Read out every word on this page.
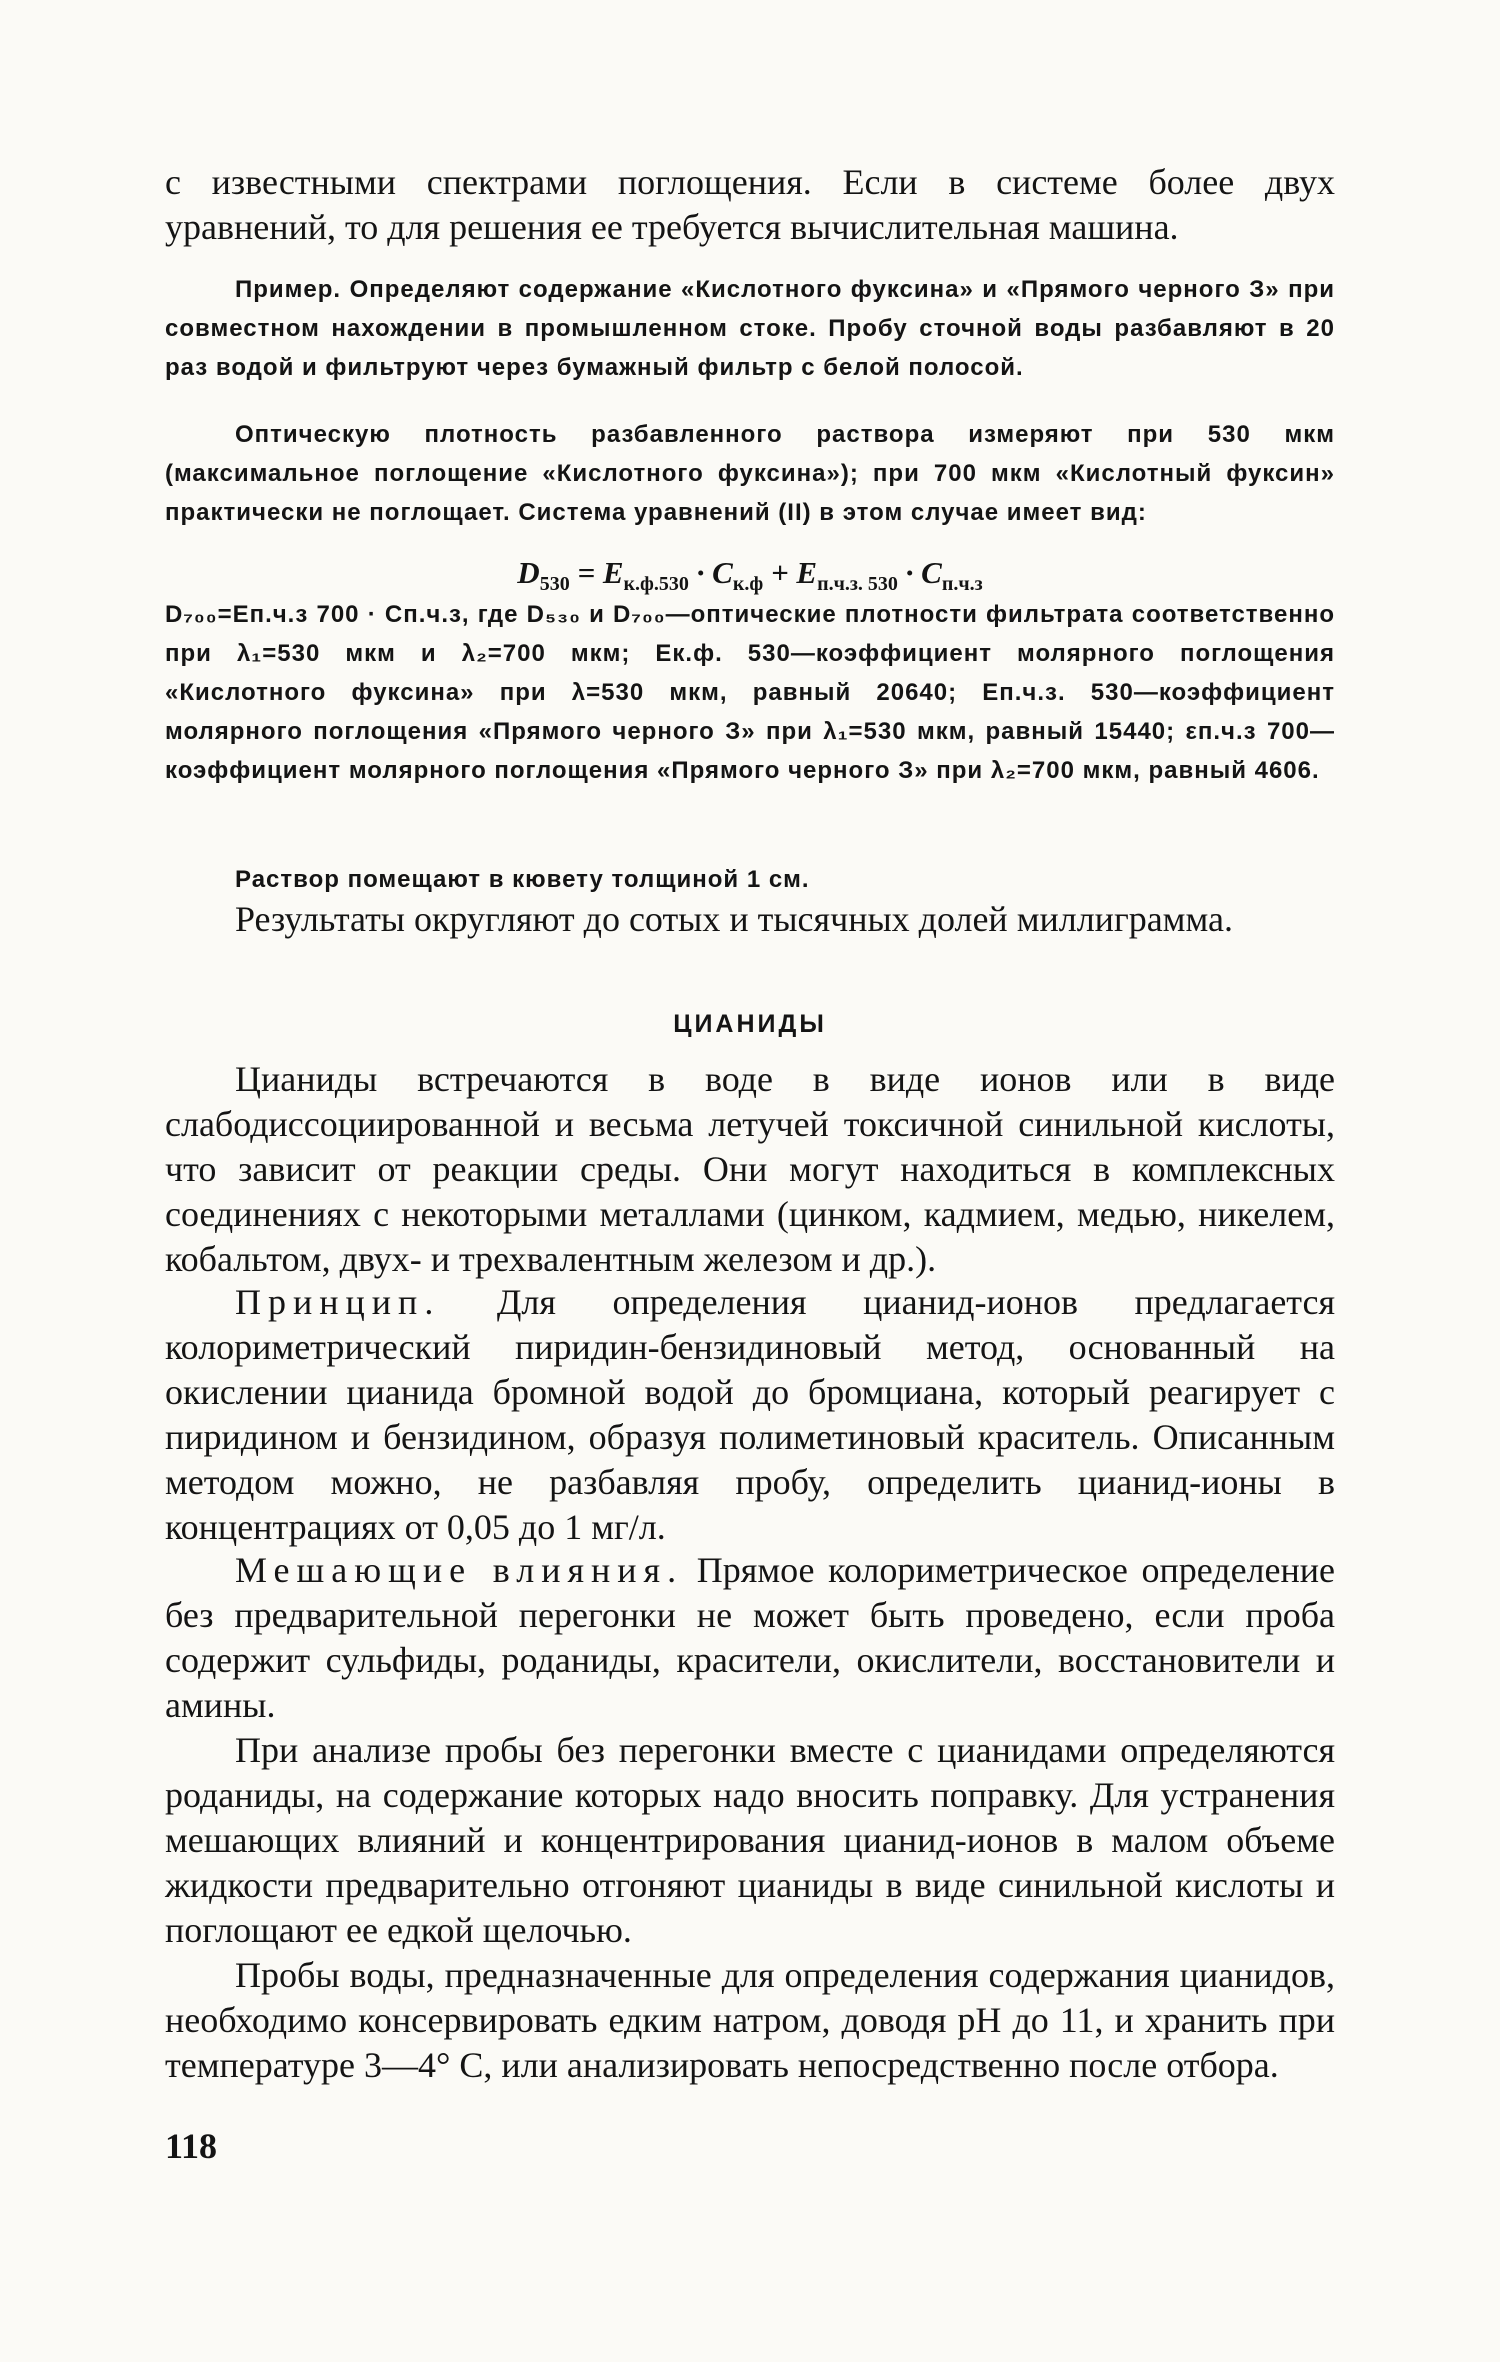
с известными спектрами поглощения. Если в системе более двух уравнений, то для решения ее требуется вычислительная машина.

Пример. Определяют содержание «Кислотного фуксина» и «Прямого черного З» при совместном нахождении в промышленном стоке. Пробу сточной воды разбавляют в 20 раз водой и фильтруют через бумажный фильтр с белой полосой.

Оптическую плотность разбавленного раствора измеряют при 530 мкм (максимальное поглощение «Кислотного фуксина»); при 700 мкм «Кислотный фуксин» практически не поглощает. Система уравнений (II) в этом случае имеет вид:

$D_{530} = E_{к.ф.530} \cdot C_{к.ф} + E_{п.ч.з. 530} \cdot C_{п.ч.з}$

D₇₀₀=Eп.ч.з 700 · Cп.ч.з, где D₅₃₀ и D₇₀₀—оптические плотности фильтрата соответственно при λ₁=530 мкм и λ₂=700 мкм; Eк.ф. 530—коэффициент молярного поглощения «Кислотного фуксина» при λ=530 мкм, равный 20640; Eп.ч.з. 530—коэффициент молярного поглощения «Прямого черного З» при λ₁=530 мкм, равный 15440; εп.ч.з 700—коэффициент молярного поглощения «Прямого черного З» при λ₂=700 мкм, равный 4606.

Раствор помещают в кювету толщиной 1 см.

Результаты округляют до сотых и тысячных долей миллиграмма.

ЦИАНИДЫ

Цианиды встречаются в воде в виде ионов или в виде слабодиссоциированной и весьма летучей токсичной синильной кислоты, что зависит от реакции среды. Они могут находиться в комплексных соединениях с некоторыми металлами (цинком, кадмием, медью, никелем, кобальтом, двух- и трехвалентным железом и др.).

Принцип. Для определения цианид-ионов предлагается колориметрический пиридин-бензидиновый метод, основанный на окислении цианида бромной водой до бромциана, который реагирует с пиридином и бензидином, образуя полиметиновый краситель. Описанным методом можно, не разбавляя пробу, определить цианид-ионы в концентрациях от 0,05 до 1 мг/л.

Мешающие влияния. Прямое колориметрическое определение без предварительной перегонки не может быть проведено, если проба содержит сульфиды, роданиды, красители, окислители, восстановители и амины.

При анализе пробы без перегонки вместе с цианидами определяются роданиды, на содержание которых надо вносить поправку. Для устранения мешающих влияний и концентрирования цианид-ионов в малом объеме жидкости предварительно отгоняют цианиды в виде синильной кислоты и поглощают ее едкой щелочью.

Пробы воды, предназначенные для определения содержания цианидов, необходимо консервировать едким натром, доводя pH до 11, и хранить при температуре 3—4° С, или анализировать непосредственно после отбора.

118
